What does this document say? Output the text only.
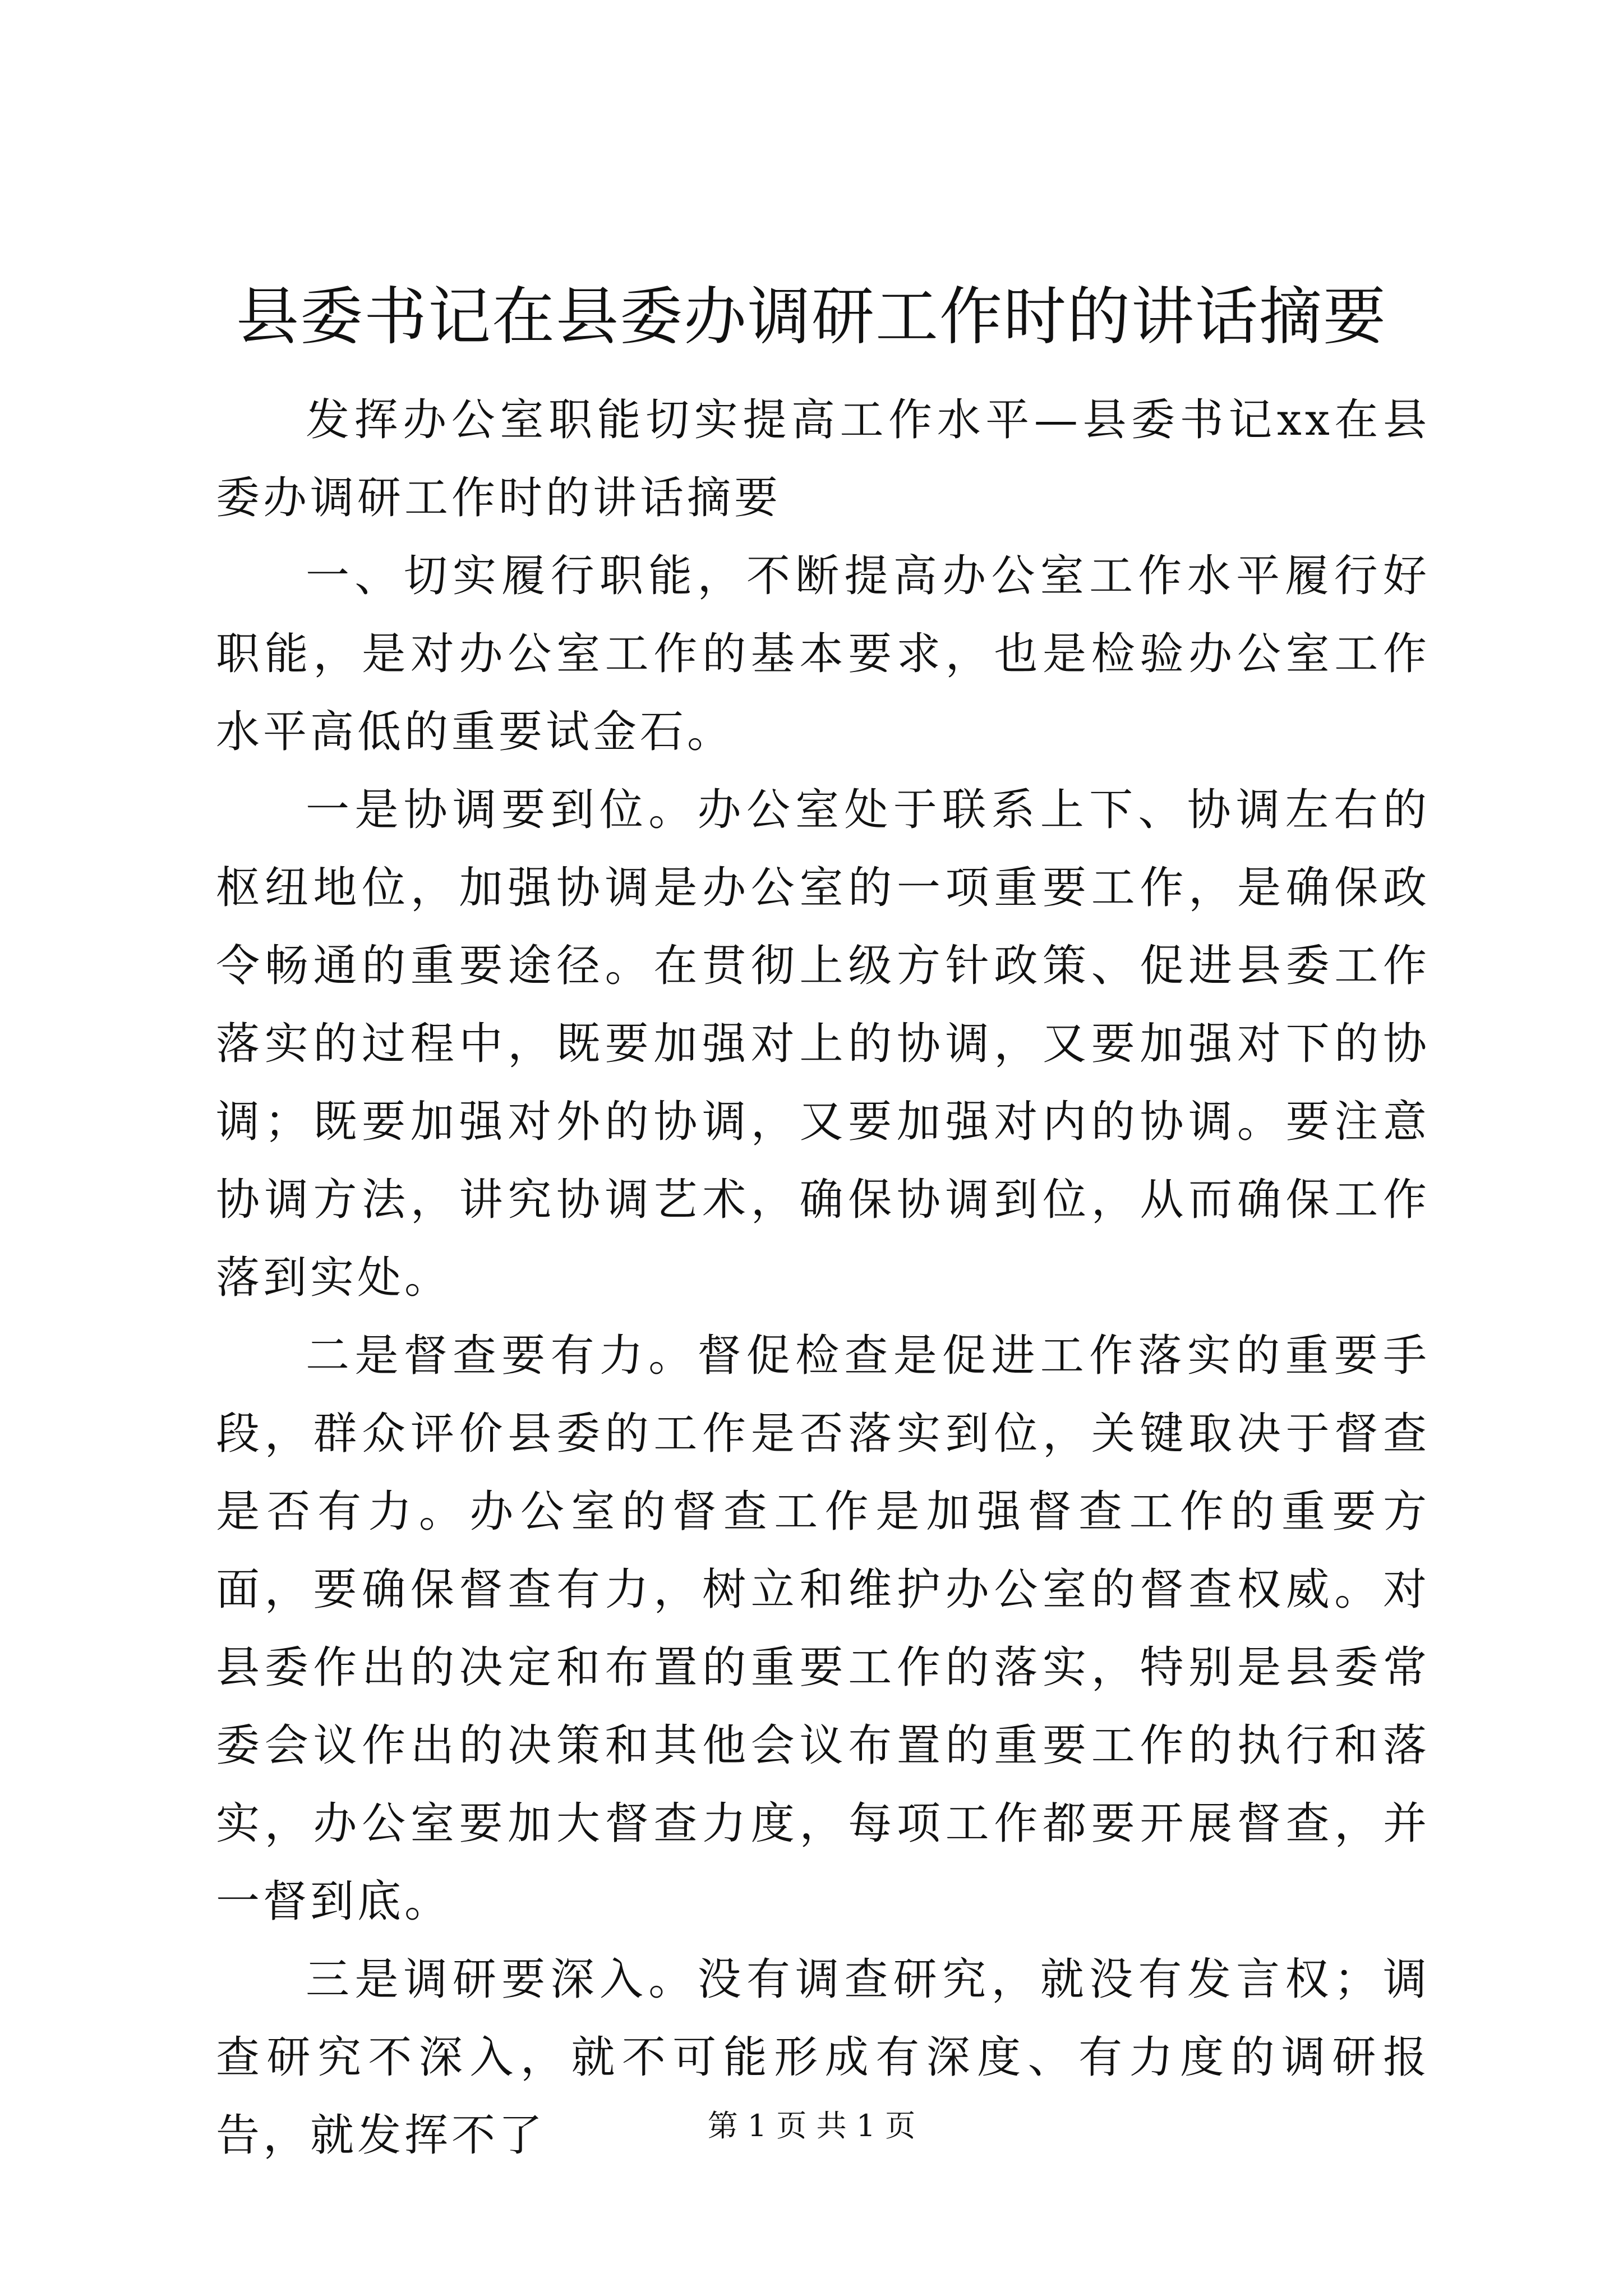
县委书记在县委办调研工作时的讲话摘要

发挥办公室职能切实提高工作水平—县委书记xx在县委办调研工作时的讲话摘要

一、切实履行职能，不断提高办公室工作水平履行好职能，是对办公室工作的基本要求，也是检验办公室工作水平高低的重要试金石。

一是协调要到位。办公室处于联系上下、协调左右的枢纽地位，加强协调是办公室的一项重要工作，是确保政令畅通的重要途径。在贯彻上级方针政策、促进县委工作落实的过程中，既要加强对上的协调，又要加强对下的协调；既要加强对外的协调，又要加强对内的协调。要注意协调方法，讲究协调艺术，确保协调到位，从而确保工作落到实处。

二是督查要有力。督促检查是促进工作落实的重要手段，群众评价县委的工作是否落实到位，关键取决于督查是否有力。办公室的督查工作是加强督查工作的重要方面，要确保督查有力，树立和维护办公室的督查权威。对县委作出的决定和布置的重要工作的落实，特别是县委常委会议作出的决策和其他会议布置的重要工作的执行和落实，办公室要加大督查力度，每项工作都要开展督查，并一督到底。

三是调研要深入。没有调查研究，就没有发言权；调查研究不深入，就不可能形成有深度、有力度的调研报告，就发挥不了	第 1 页 共 1 页
